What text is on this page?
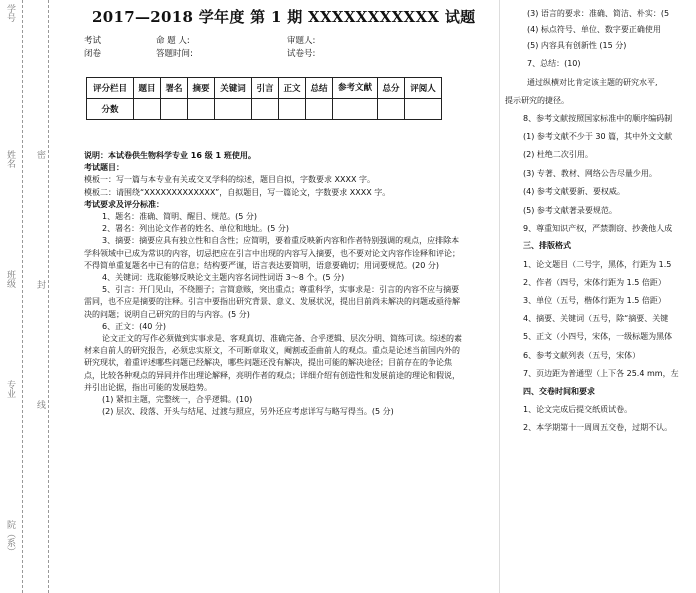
学号
姓名
班级
专业
院（系）
密
封
线
2017—2018 学年度 第 1 期 XXXXXXXXXXX 试题
考试	命 题 人:	审题人:
闭卷	答题时间:	试卷号:
评分栏目	题目	署名	摘要	关键词	引言	正文	总结	参考文献	总分	评阅人
分数										

说明：本试卷供生物科学专业 16 级 1 班使用。

考试题目：

模板一：写一篇与本专业有关或交叉学科的综述，题目自拟，字数要求 XXXX 字。

模板二：请围绕“XXXXXXXXXXXXX”，自拟题目，写一篇论文，字数要求 XXXX 字。

考试要求及评分标准：

1、题名：准确、简明、醒目、规范。(5 分)

2、署名：列出论文作者的姓名、单位和地址。(5 分)

3、摘要：摘要应具有独立性和自含性；应简明，要着重反映新内容和作者特别强调的观点，应排除本学科领域中已成为常识的内容，切忌把应在引言中出现的内容写入摘要，也不要对论文内容作诠释和评论；不得简单重复题名中已有的信息；结构要严谨，语言表达要简明，语意要确切；用词要规范。(20 分)

4、关键词：选取能够反映论文主题内容名词性词语 3～8 个。(5 分)

5、引言：开门见山，不绕圈子；言简意赅，突出重点；尊重科学，实事求是：引言的内容不应与摘要雷同，也不应是摘要的注释。引言中要指出研究背景、意义、发展状况，提出目前尚未解决的问题或亟待解决的问题；说明自己研究的目的与内容。(5 分)

6、正文：(40 分)

论文正文的写作必须做到实事求是、客观真切、准确完备、合乎逻辑、层次分明、简练可读。综述的素材来自前人的研究报告，必须忠实原文，不可断章取义，阉割或歪曲前人的观点。重点是论述当前国内外的研究现状，着重评述哪些问题已经解决，哪些问题还没有解决，提出可能的解决途径；目前存在的争论焦点，比较各种观点的异同并作出理论解释，亮明作者的观点；详细介绍有创造性和发展前途的理论和假说，并引出论据，指出可能的发展趋势。

(1) 紧扣主题，完整统一，合乎逻辑。(10)

(2) 层次、段落、开头与结尾、过渡与照应，另外还应考虑详写与略写得当。(5 分)

(3) 语言的要求：准确、简洁、朴实：(5
(4) 标点符号、单位、数字要正确使用
(5) 内容具有创新性 (15 分)
7、总结：(10)
通过纵横对比肯定该主题的研究水平,
提示研究的捷径。
8、参考文献按照国家标准中的顺序编码制
(1) 参考文献不少于 30 篇，其中外文文献
(2) 杜绝二次引用。
(3) 专著、教材、网络公告尽量少用。
(4) 参考文献要新、要权威。
(5) 参考文献著录要规范。
9、尊重知识产权，严禁剽窃、抄袭他人成
三、排版格式
1、论文题目（二号字，黑体，行距为 1.5
2、作者（四号，宋体行距为 1.5 倍距）
3、单位（五号，楷体行距为 1.5 倍距）
4、摘要、关键词（五号，除“摘要、关键
5、正文（小四号，宋体，一级标题为黑体
6、参考文献列表（五号，宋体）
7、页边距为普通型（上下各 25.4 mm，左
四、交卷时间和要求
1、论文完成后提交纸质试卷。
2、本学期第十一周周五交卷，过期不认。
